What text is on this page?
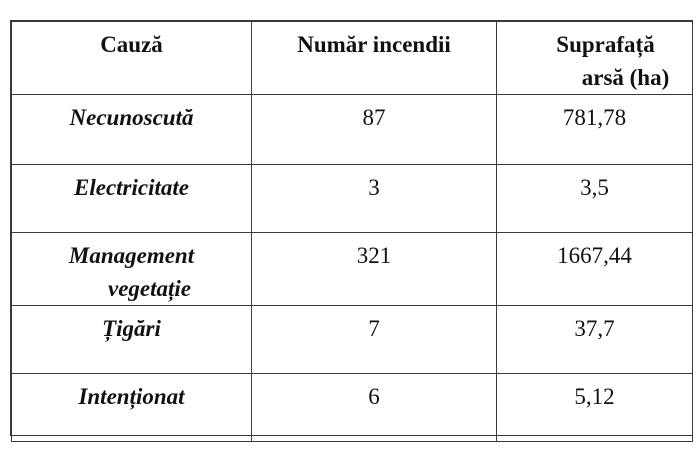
Cauză	Număr incendii	Suprafață
arsă (ha)

Necunoscută	87	781,78
Electricitate	3	3,5

Management
vegetație	321	1667,44
Țigări	7	37,7
Intenționat	6	5,12
